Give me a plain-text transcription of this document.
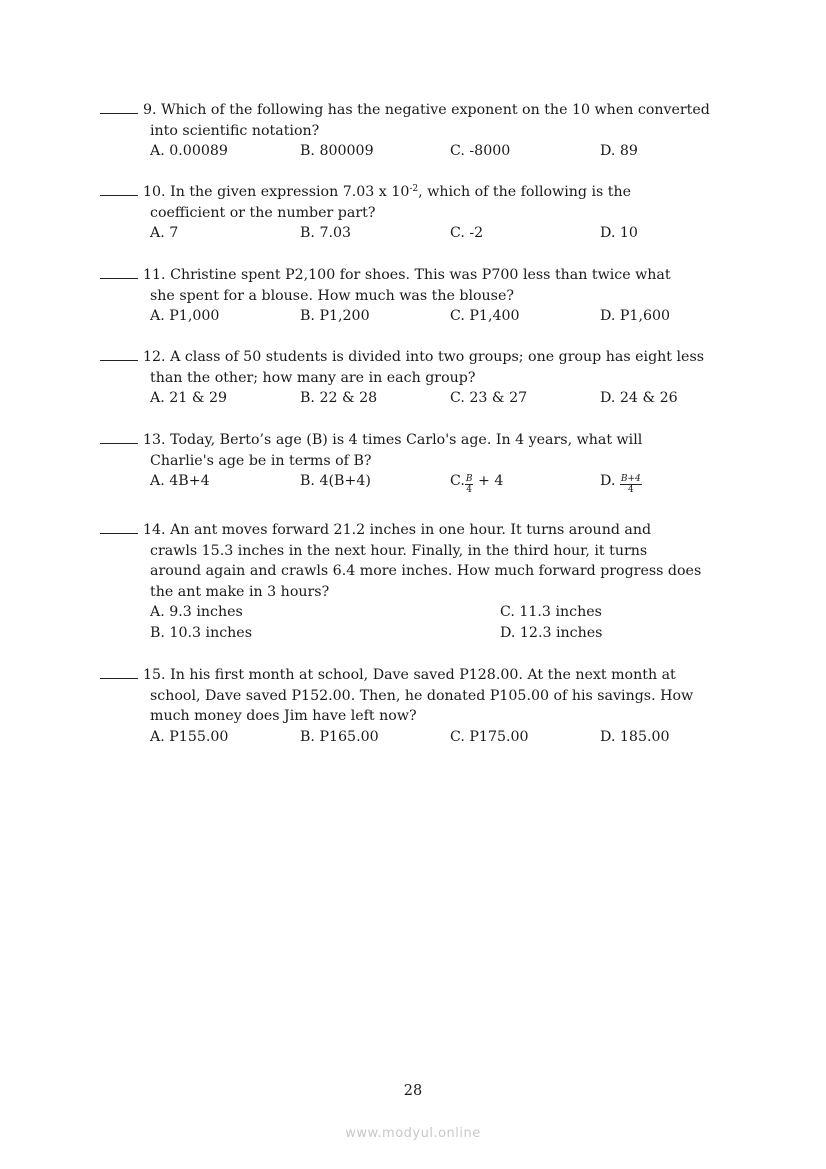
9. Which of the following has the negative exponent on the 10 when converted
into scientific notation?
A. 0.00089	B. 800009	C. -8000	D. 89
10. In the given expression 7.03 x $10^{-2}$, which of the following is the
coefficient or the number part?

A. 7

	B. 7.03

	C. -2

	D. 10

11. Christine spent P2,100 for shoes. This was P700 less than twice what
she spent for a blouse. How much was the blouse?
A. P1,000	B. P1,200	C. P1,400	D. P1,600
12. A class of 50 students is divided into two groups; one group has eight less
than the other; how many are in each group?

A. 21 & 29

	B. 22 & 28

	C. 23 & 27

	D. 24 & 26

13. Today, Berto’s age (B) is 4 times Carlo's age. In 4 years, what will
Charlie's age be in terms of B?
A. 4B+4	B. 4(B+4)	C. $\frac{B}{4} + 4$	D. $\frac{B+4}{4}$
14. An ant moves forward 21.2 inches in one hour. It turns around and
crawls 15.3 inches in the next hour. Finally, in the third hour, it turns
around again and crawls 6.4 more inches. How much forward progress does
the ant make in 3 hours?
A. 9.3 inches	C. 11.3 inches
B. 10.3 inches	D. 12.3 inches
15. In his first month at school, Dave saved P128.00. At the next month at
school, Dave saved P152.00. Then, he donated P105.00 of his savings. How
much money does Jim have left now?
A. P155.00	B. P165.00	C. P175.00	D. 185.00
28
www.modyul.online
